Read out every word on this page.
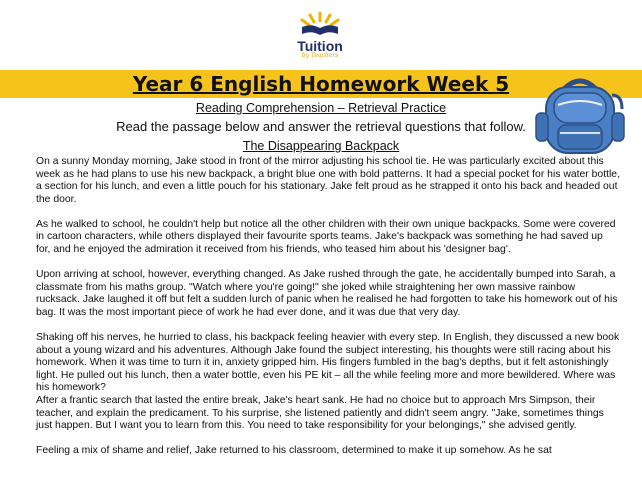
Tuition
by Teachers
Year 6 English Homework Week 5
Reading Comprehension – Retrieval Practice
Read the passage below and answer the retrieval questions that follow.
The Disappearing Backpack

On a sunny Monday morning, Jake stood in front of the mirror adjusting his school tie. He was particularly excited about this week as he had plans to use his new backpack, a bright blue one with bold patterns. It had a special pocket for his water bottle, a section for his lunch, and even a little pouch for his stationary. Jake felt proud as he strapped it onto his back and headed out the door.

As he walked to school, he couldn't help but notice all the other children with their own unique backpacks. Some were covered in cartoon characters, while others displayed their favourite sports teams. Jake's backpack was something he had saved up for, and he enjoyed the admiration it received from his friends, who teased him about his 'designer bag'.

Upon arriving at school, however, everything changed. As Jake rushed through the gate, he accidentally bumped into Sarah, a classmate from his maths group. "Watch where you're going!" she joked while straightening her own massive rainbow rucksack. Jake laughed it off but felt a sudden lurch of panic when he realised he had forgotten to take his homework out of his bag. It was the most important piece of work he had ever done, and it was due that very day.

Shaking off his nerves, he hurried to class, his backpack feeling heavier with every step. In English, they discussed a new book about a young wizard and his adventures. Although Jake found the subject interesting, his thoughts were still racing about his homework. When it was time to turn it in, anxiety gripped him. His fingers fumbled in the bag's depths, but it felt astonishingly light. He pulled out his lunch, then a water bottle, even his PE kit – all the while feeling more and more bewildered. Where was his homework?

After a frantic search that lasted the entire break, Jake's heart sank. He had no choice but to approach Mrs Simpson, their teacher, and explain the predicament. To his surprise, she listened patiently and didn't seem angry. "Jake, sometimes things just happen. But I want you to learn from this. You need to take responsibility for your belongings," she advised gently.

Feeling a mix of shame and relief, Jake returned to his classroom, determined to make it up somehow. As he sat
